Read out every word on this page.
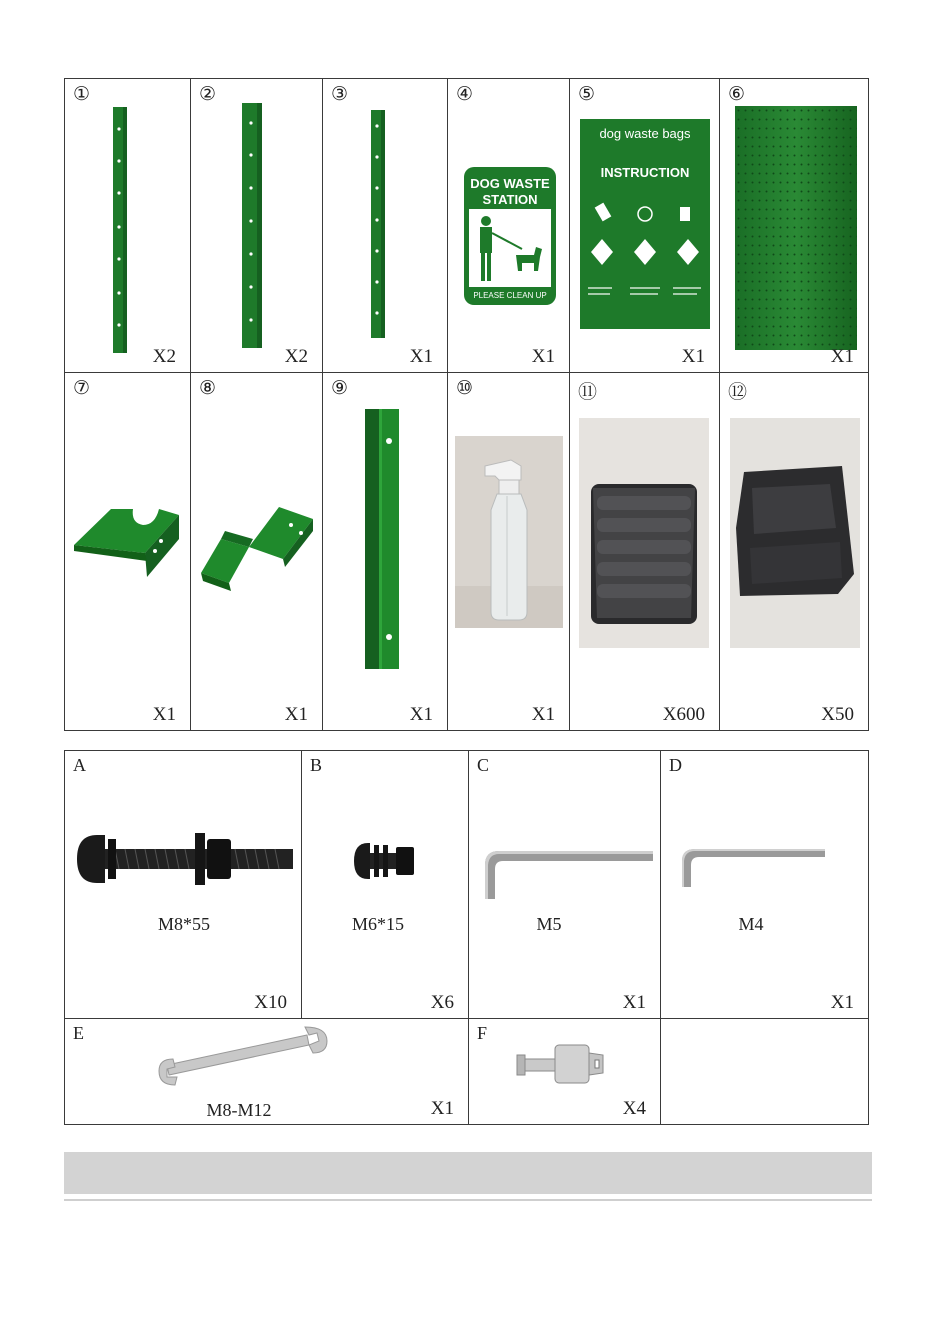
①
X2
②
X2
③
X1
④
DOG WASTE
STATION
PLEASE CLEAN UP
X1
⑤
dog waste bags
INSTRUCTION
X1
⑥
X1
⑦
X1
⑧
X1
⑨
X1
⑩
X1
⑪
X600
⑫
X50
A
M8*55
X10
B
M6*15
X6
C
M5
X1
D
M4
X1
E
M8-M12	X1
F
X4
